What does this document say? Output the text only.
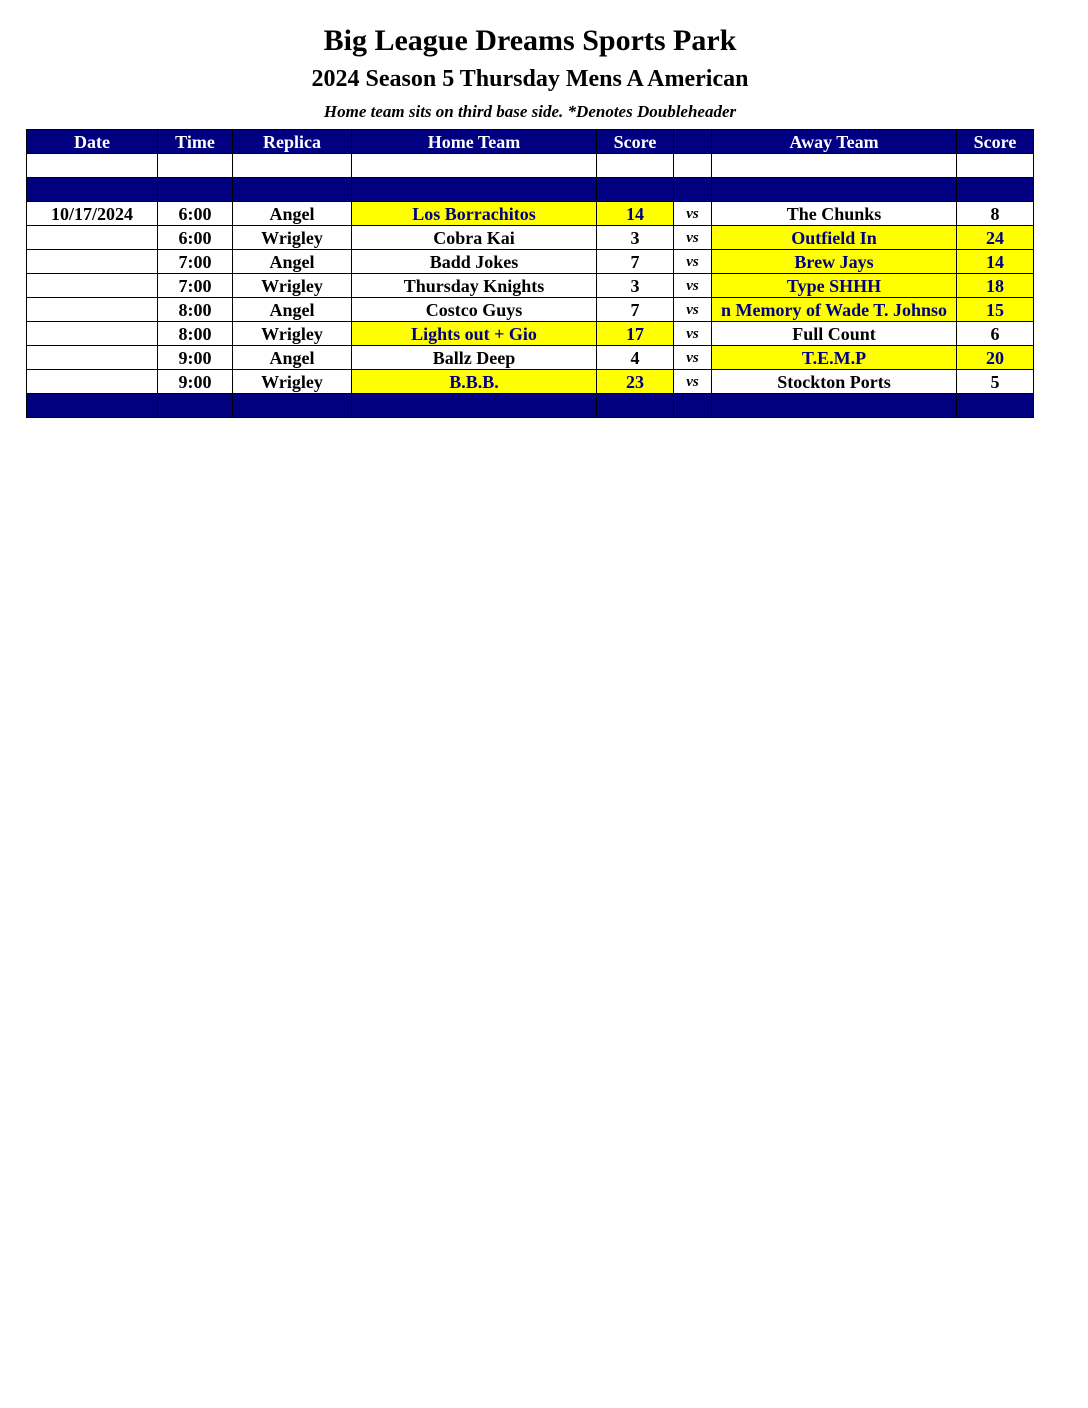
Big League Dreams Sports Park
2024 Season 5 Thursday Mens A American
Home team sits on third base side. *Denotes Doubleheader
Date	Time	Replica	Home Team	Score		Away Team	Score

10/17/2024	6:00	Angel	Los Borrachitos	14	vs	The Chunks	8
	6:00	Wrigley	Cobra Kai	3	vs	Outfield In	24
	7:00	Angel	Badd Jokes	7	vs	Brew Jays	14
	7:00	Wrigley	Thursday Knights	3	vs	Type SHHH	18
	8:00	Angel	Costco Guys	7	vs	n Memory of Wade T. Johnso	15
	8:00	Wrigley	Lights out + Gio	17	vs	Full Count	6
	9:00	Angel	Ballz Deep	4	vs	T.E.M.P	20
	9:00	Wrigley	B.B.B.	23	vs	Stockton Ports	5
